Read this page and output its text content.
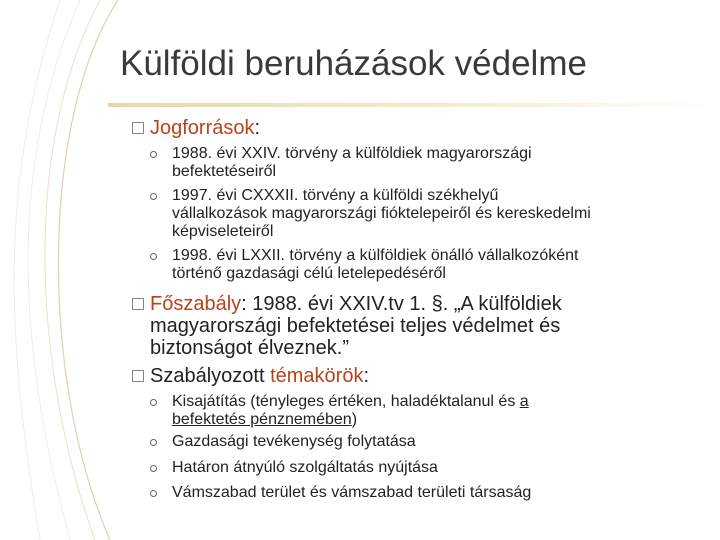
Külföldi beruházások védelme
Jogforrások:
1988. évi XXIV. törvény a külföldiek magyarországi
befektetéseiről
1997. évi CXXXII. törvény a külföldi székhelyű
vállalkozások magyarországi fióktelepeiről és kereskedelmi
képviseleteiről
1998. évi LXXII. törvény a külföldiek önálló vállalkozóként
történő gazdasági célú letelepedéséről
Főszabály: 1988. évi XXIV.tv 1. §. „A külföldiek
magyarországi befektetései teljes védelmet és
biztonságot élveznek.”
Szabályozott témakörök:
Kisajátítás (tényleges értéken, haladéktalanul és a
befektetés pénznemében)
Gazdasági tevékenység folytatása
Határon átnyúló szolgáltatás nyújtása
Vámszabad terület és vámszabad területi társaság
